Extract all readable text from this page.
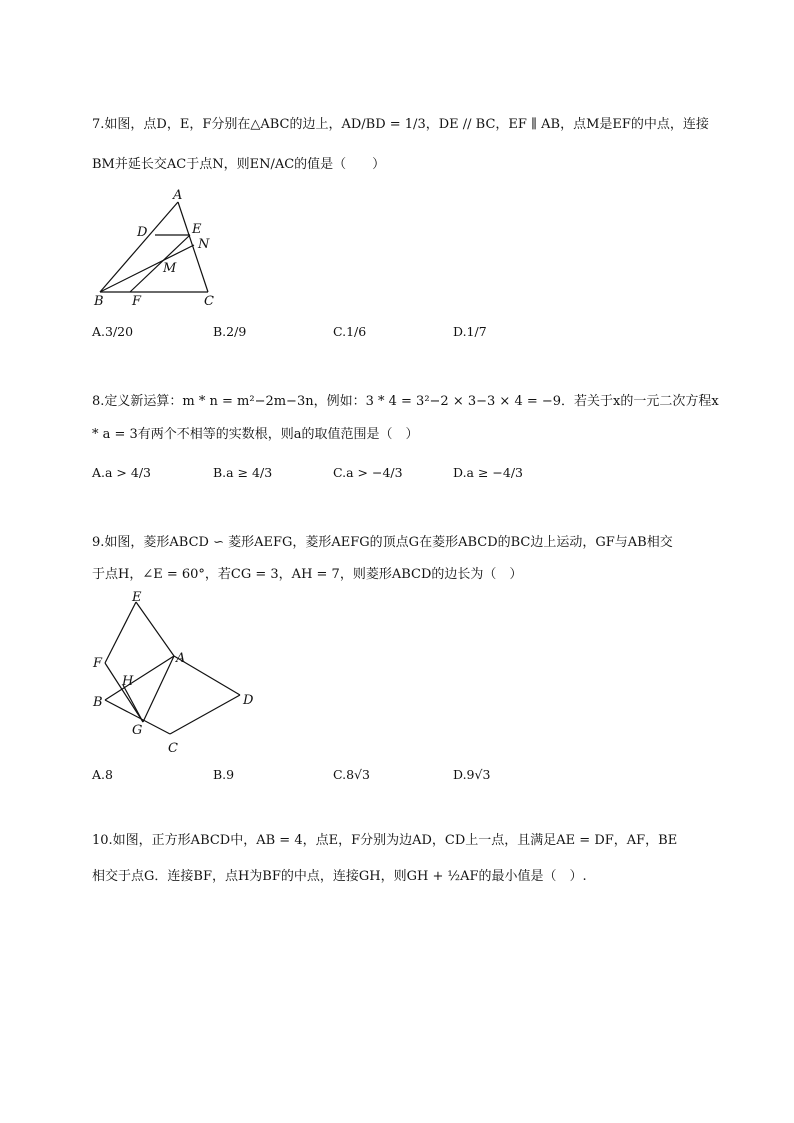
7.如图，点D，E，F分别在△ABC的边上，AD/BD = 1/3，DE // BC，EF ∥ AB，点M是EF的中点，连接
BM并延长交AC于点N，则EN/AC的值是（　　）
A
D	E
N
M
B F	C
A.3/20	B.2/9	C.1/6	D.1/7
8.定义新运算：m * n = m²−2m−3n，例如：3 * 4 = 3²−2 × 3−3 × 4 = −9．若关于x的一元二次方程x
* a = 3有两个不相等的实数根，则a的取值范围是（　）
A.a > 4/3	B.a ≥ 4/3	C.a > −4/3	D.a ≥ −4/3
9.如图，菱形ABCD ∽ 菱形AEFG，菱形AEFG的顶点G在菱形ABCD的BC边上运动，GF与AB相交
于点H，∠E = 60°，若CG = 3，AH = 7，则菱形ABCD的边长为（　）
E
F	A
H
B	D
G
C
A.8	B.9	C.8√3	D.9√3
10.如图，正方形ABCD中，AB = 4，点E，F分别为边AD，CD上一点，且满足AE = DF，AF，BE
相交于点G．连接BF，点H为BF的中点，连接GH，则GH + ½AF的最小值是（　）.
